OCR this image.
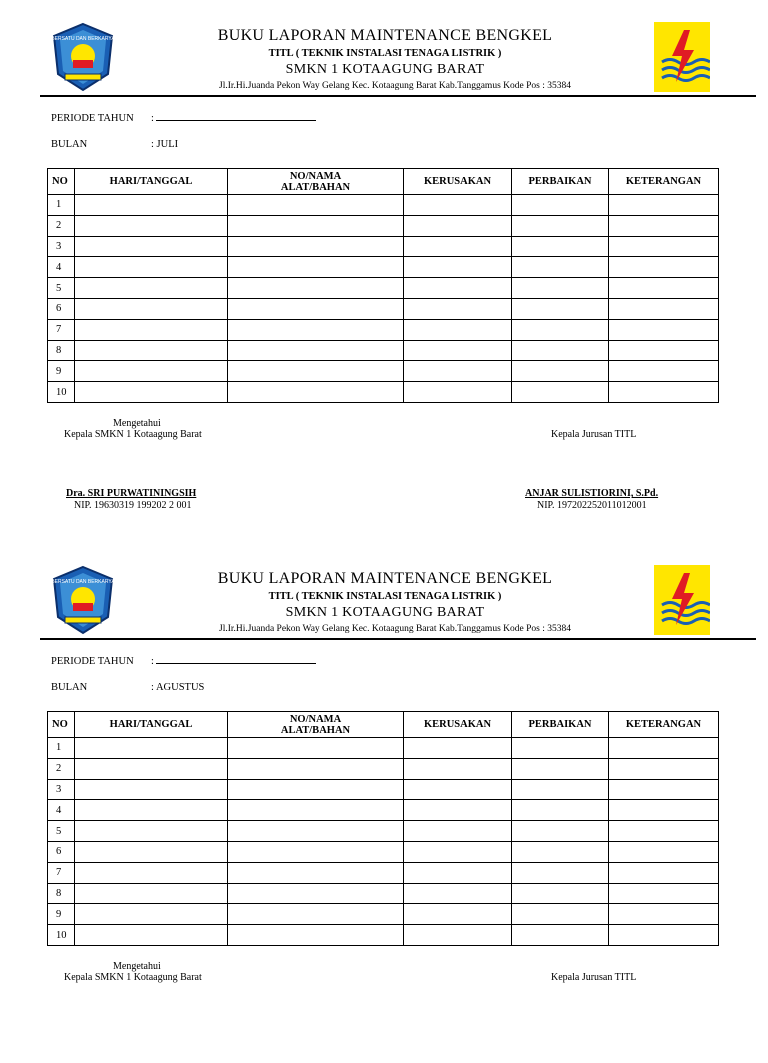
BERSATU DAN BERKARYA	BUKU LAPORAN MAINTENANCE BENGKEL
TITL ( TEKNIK INSTALASI TENAGA LISTRIK )
SMKN 1 KOTAAGUNG BARAT
Jl.Ir.Hi.Juanda Pekon Way Gelang Kec. Kotaagung Barat Kab.Tanggamus Kode Pos : 35384
PERIODE TAHUN :
BULAN	: JULI
NO	HARI/TANGGAL	NO/NAMA
ALAT/BAHAN	KERUSAKAN	PERBAIKAN	KETERANGAN
1					
2					
3					
4					
5					
6					
7					
8					
9					
10					
Mengetahui
Kepala SMKN 1 Kotaagung Barat	Kepala Jurusan TITL
Dra. SRI PURWATININGSIH
NIP. 19630319 199202 2 001
ANJAR SULISTIORINI, S.Pd.
NIP. 197202252011012001
BERSATU DAN BERKARYA	BUKU LAPORAN MAINTENANCE BENGKEL
TITL ( TEKNIK INSTALASI TENAGA LISTRIK )
SMKN 1 KOTAAGUNG BARAT
Jl.Ir.Hi.Juanda Pekon Way Gelang Kec. Kotaagung Barat Kab.Tanggamus Kode Pos : 35384
PERIODE TAHUN :
BULAN	: AGUSTUS
NO	HARI/TANGGAL	NO/NAMA
ALAT/BAHAN	KERUSAKAN	PERBAIKAN	KETERANGAN
1					
2					
3					
4					
5					
6					
7					
8					
9					
10					
Mengetahui
Kepala SMKN 1 Kotaagung Barat	Kepala Jurusan TITL
